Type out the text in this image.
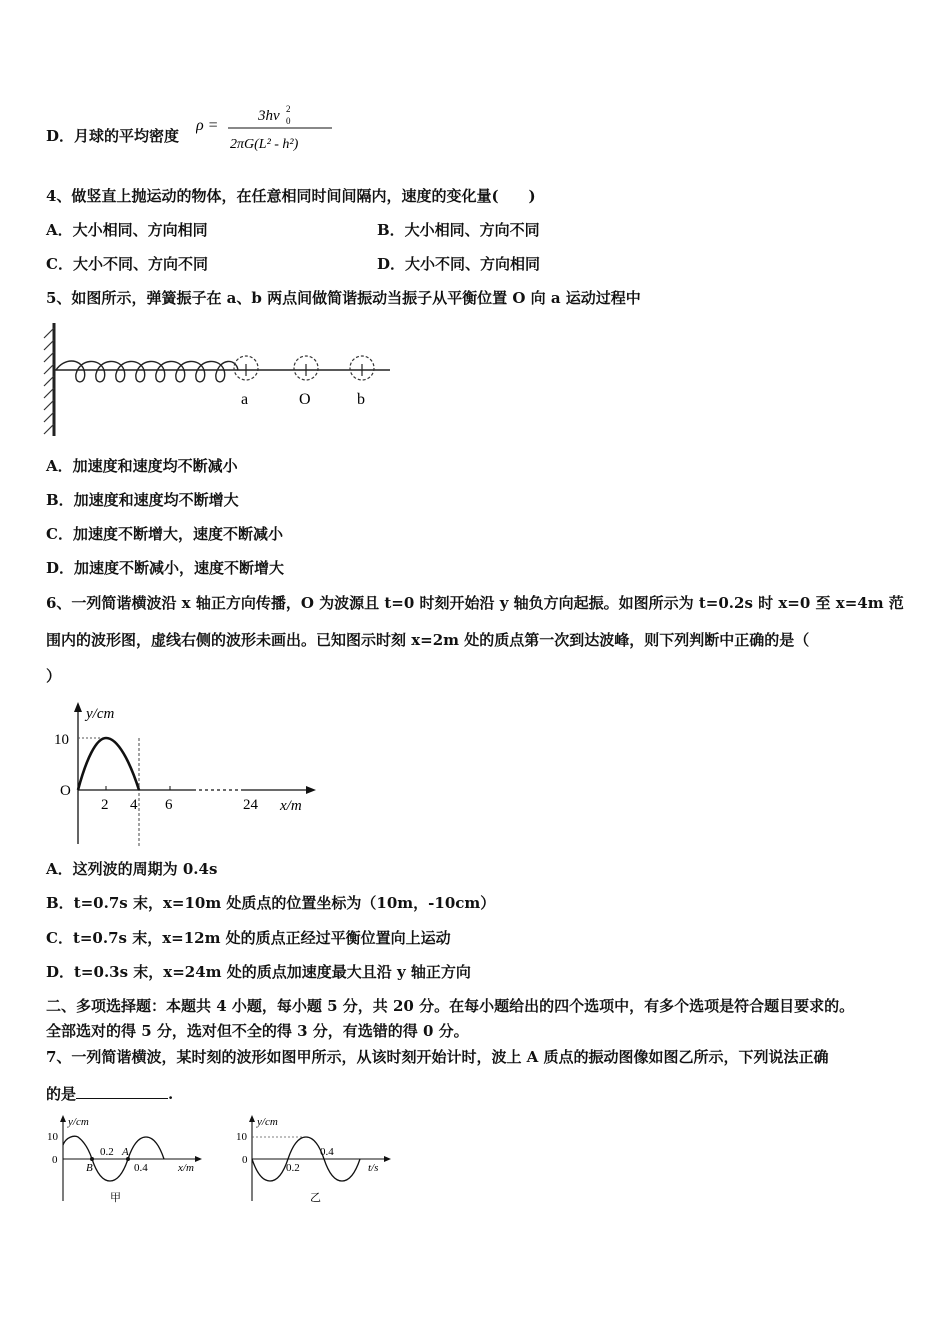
D．月球的平均密度
ρ =
3hv 0
2
2πG(L² - h²)
4、做竖直上抛运动的物体，在任意相同时间间隔内，速度的变化量( )
A．大小相同、方向相同	B．大小相同、方向不同
C．大小不同、方向不同	D．大小不同、方向相同
5、如图所示，弹簧振子在 a、b 两点间做简谐振动当振子从平衡位置 O 向 a 运动过程中
a	O	b
A．加速度和速度均不断减小
B．加速度和速度均不断增大
C．加速度不断增大，速度不断减小
D．加速度不断减小，速度不断增大
6、一列简谐横波沿 x 轴正方向传播，O 为波源且 t=0 时刻开始沿 y 轴负方向起振。如图所示为 t=0.2s 时 x=0 至 x=4m 范
围内的波形图，虚线右侧的波形未画出。已知图示时刻 x=2m 处的质点第一次到达波峰，则下列判断中正确的是（
）
y/cm
x/m
O
10
2 4 6	24
A．这列波的周期为 0.4s
B．t=0.7s 末，x=10m 处质点的位置坐标为（10m，-10cm）
C．t=0.7s 末，x=12m 处的质点正经过平衡位置向上运动
D．t=0.3s 末，x=24m 处的质点加速度最大且沿 y 轴正方向
二、多项选择题：本题共 4 小题，每小题 5 分，共 20 分。在每小题给出的四个选项中，有多个选项是符合题目要求的。
全部选对的得 5 分，选对但不全的得 3 分，有选错的得 0 分。
7、一列简谐横波，某时刻的波形如图甲所示，从该时刻开始计时，波上 A 质点的振动图像如图乙所示，下列说法正确
的是	.
y/cm
x/m
10
0
B
A
0.2
0.4
甲
y/cm
t/s
10
0
0.2
0.4
乙
